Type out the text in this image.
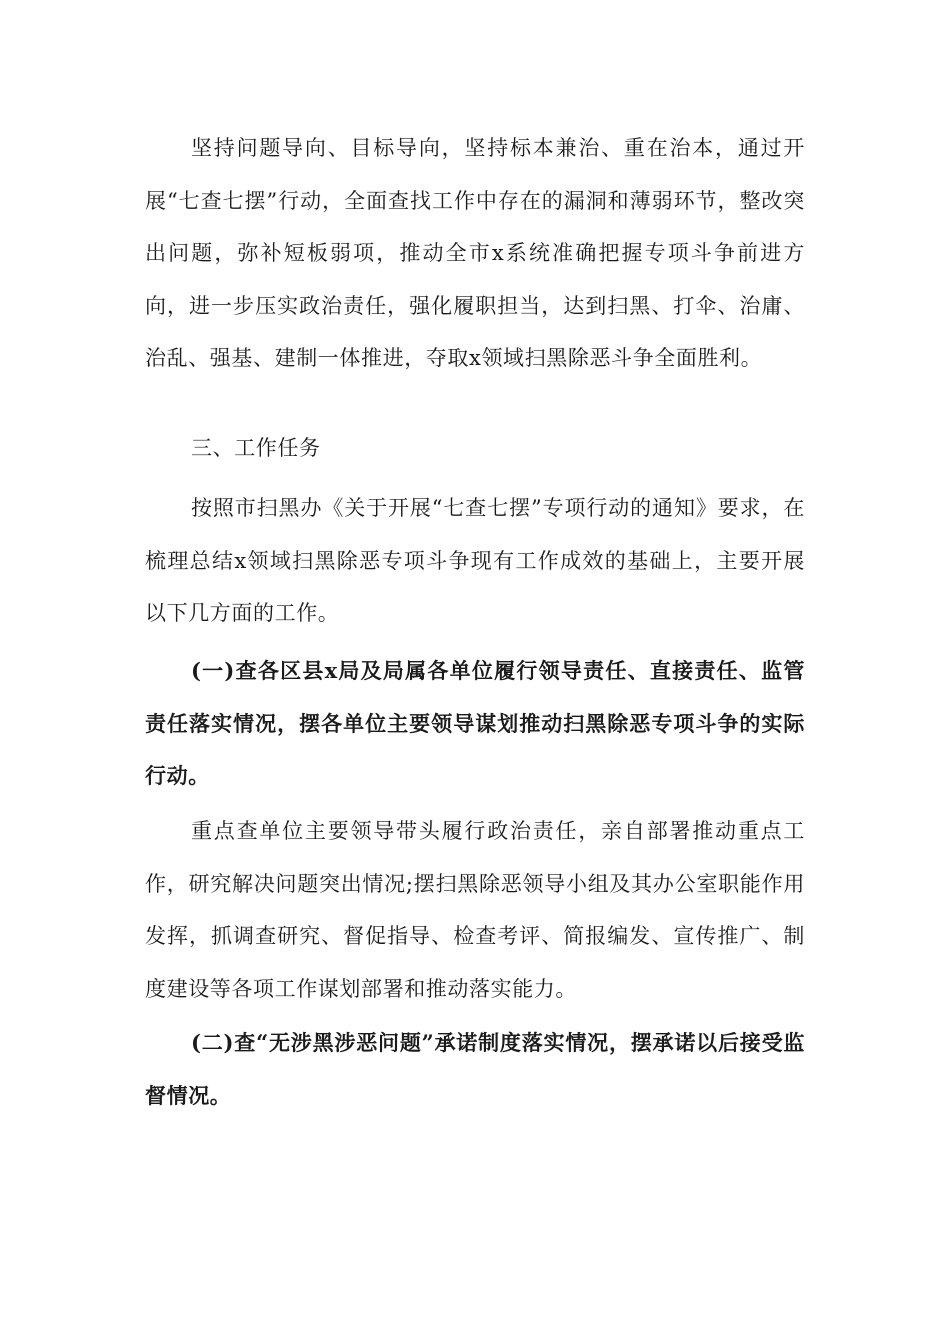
坚持问题导向、目标导向，坚持标本兼治、重在治本，通过开展“七查七摆”行动，全面查找工作中存在的漏洞和薄弱环节，整改突出问题，弥补短板弱项，推动全市x系统准确把握专项斗争前进方向，进一步压实政治责任，强化履职担当，达到扫黑、打伞、治庸、治乱、强基、建制一体推进，夺取x领域扫黑除恶斗争全面胜利。

三、工作任务

按照市扫黑办《关于开展“七查七摆”专项行动的通知》要求，在梳理总结x领域扫黑除恶专项斗争现有工作成效的基础上，主要开展以下几方面的工作。

(一)查各区县x局及局属各单位履行领导责任、直接责任、监管责任落实情况，摆各单位主要领导谋划推动扫黑除恶专项斗争的实际行动。

重点查单位主要领导带头履行政治责任，亲自部署推动重点工作，研究解决问题突出情况;摆扫黑除恶领导小组及其办公室职能作用发挥，抓调查研究、督促指导、检查考评、简报编发、宣传推广、制度建设等各项工作谋划部署和推动落实能力。

(二)查“无涉黑涉恶问题”承诺制度落实情况，摆承诺以后接受监督情况。
